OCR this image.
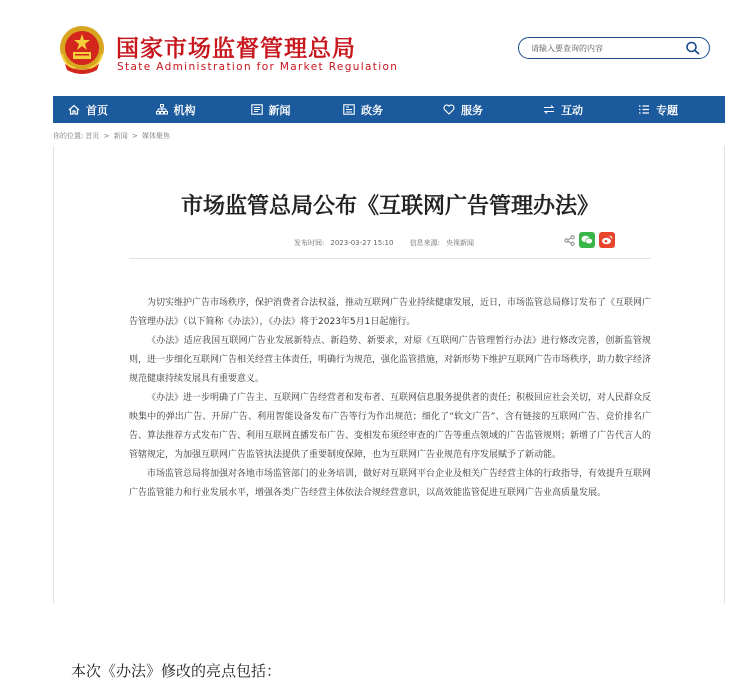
国家市场监督管理总局
State Administration for Market Regulation
请输入要查询的内容
首页	机构	新闻	政务	服务	互动	专题
你的位置: 首页 > 新闻 > 媒体聚焦
市场监管总局公布《互联网广告管理办法》
发布时间: 2023-03-27 15:10 信息来源: 央视新闻

为切实维护广告市场秩序，保护消费者合法权益，推动互联网广告业持续健康发展，近日，市场监管总局修订发布了《互联网广告管理办法》（以下简称《办法》），《办法》将于2023年5月1日起施行。

《办法》适应我国互联网广告业发展新特点、新趋势、新要求，对原《互联网广告管理暂行办法》进行修改完善，创新监管规则，进一步细化互联网广告相关经营主体责任，明确行为规范，强化监管措施，对新形势下维护互联网广告市场秩序，助力数字经济规范健康持续发展具有重要意义。

《办法》进一步明确了广告主、互联网广告经营者和发布者、互联网信息服务提供者的责任；积极回应社会关切，对人民群众反映集中的弹出广告、开屏广告、利用智能设备发布广告等行为作出规范；细化了“软文广告”、含有链接的互联网广告、竞价排名广告、算法推荐方式发布广告、利用互联网直播发布广告、变相发布须经审查的广告等重点领域的广告监管规则；新增了广告代言人的管辖规定，为加强互联网广告监管执法提供了重要制度保障，也为互联网广告业规范有序发展赋予了新动能。

市场监管总局将加强对各地市场监管部门的业务培训，做好对互联网平台企业及相关广告经营主体的行政指导，有效提升互联网广告监管能力和行业发展水平，增强各类广告经营主体依法合规经营意识，以高效能监管促进互联网广告业高质量发展。

本次《办法》修改的亮点包括：
